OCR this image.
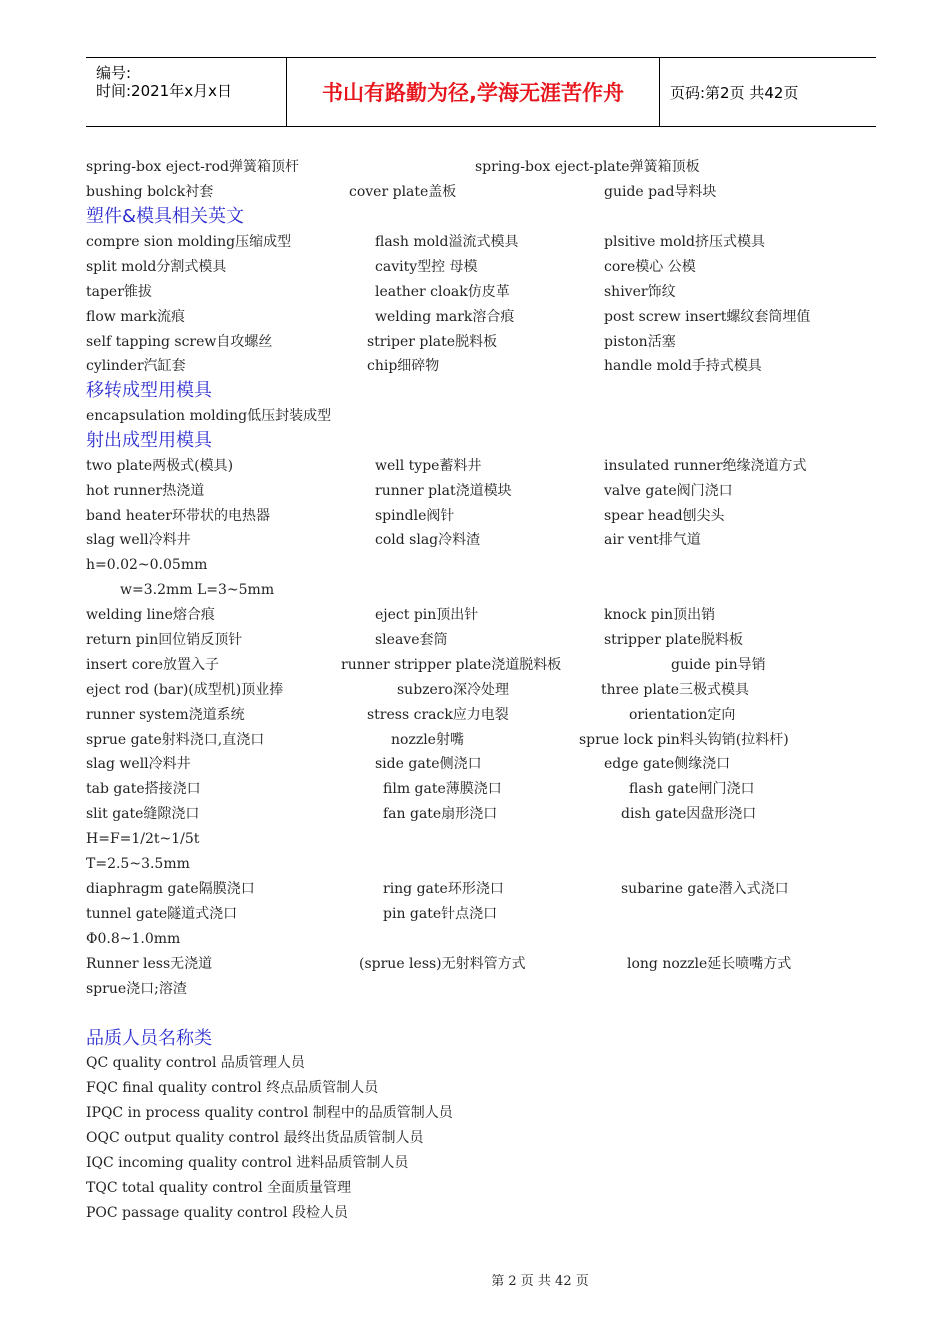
编号:
时间:2021年x月x日	书山有路勤为径,学海无涯苦作舟	页码:第2页 共42页
spring-box eject-rod弹簧箱顶杆	spring-box eject-plate弹簧箱顶板
bushing bolck衬套	cover plate盖板	guide pad导料块
塑件&模具相关英文
compre sion molding压缩成型	flash mold溢流式模具	plsitive mold挤压式模具
split mold分割式模具	cavity型控 母模	core模心 公模
taper锥拔	leather cloak仿皮革	shiver饰纹
flow mark流痕	welding mark溶合痕	post screw insert螺纹套筒埋值
self tapping screw自攻螺丝	striper plate脱料板	piston活塞
cylinder汽缸套	chip细碎物	handle mold手持式模具
移转成型用模具
encapsulation molding低压封装成型
射出成型用模具
two plate两极式(模具)	well type蓄料井	insulated runner绝缘浇道方式
hot runner热浇道	runner plat浇道模块	valve gate阀门浇口
band heater环带状的电热器	spindle阀针	spear head刨尖头
slag well冷料井	cold slag冷料渣	air vent排气道
h=0.02~0.05mm
w=3.2mm L=3~5mm
welding line熔合痕	eject pin顶出针	knock pin顶出销
return pin回位销反顶针	sleave套筒	stripper plate脱料板
insert core放置入子	runner stripper plate浇道脱料板	guide pin导销
eject rod (bar)(成型机)顶业捧	subzero深冷处理	three plate三极式模具
runner system浇道系统	stress crack应力电裂	orientation定向
sprue gate射料浇口,直浇口	nozzle射嘴	sprue lock pin料头钩销(拉料杆)
slag well冷料井	side gate侧浇口	edge gate侧缘浇口
tab gate搭接浇口	film gate薄膜浇口	flash gate闸门浇口
slit gate缝隙浇口	fan gate扇形浇口	dish gate因盘形浇口
H=F=1/2t~1/5t
T=2.5~3.5mm
diaphragm gate隔膜浇口	ring gate环形浇口	subarine gate潜入式浇口
tunnel gate隧道式浇口	pin gate针点浇口
Φ0.8~1.0mm
Runner less无浇道	(sprue less)无射料管方式	long nozzle延长喷嘴方式
sprue浇口;溶渣
品质人员名称类
QC quality control 品质管理人员
FQC final quality control 终点品质管制人员
IPQC in process quality control 制程中的品质管制人员
OQC output quality control 最终出货品质管制人员
IQC incoming quality control 进料品质管制人员
TQC total quality control 全面质量管理
POC passage quality control 段检人员
第 2 页 共 42 页
